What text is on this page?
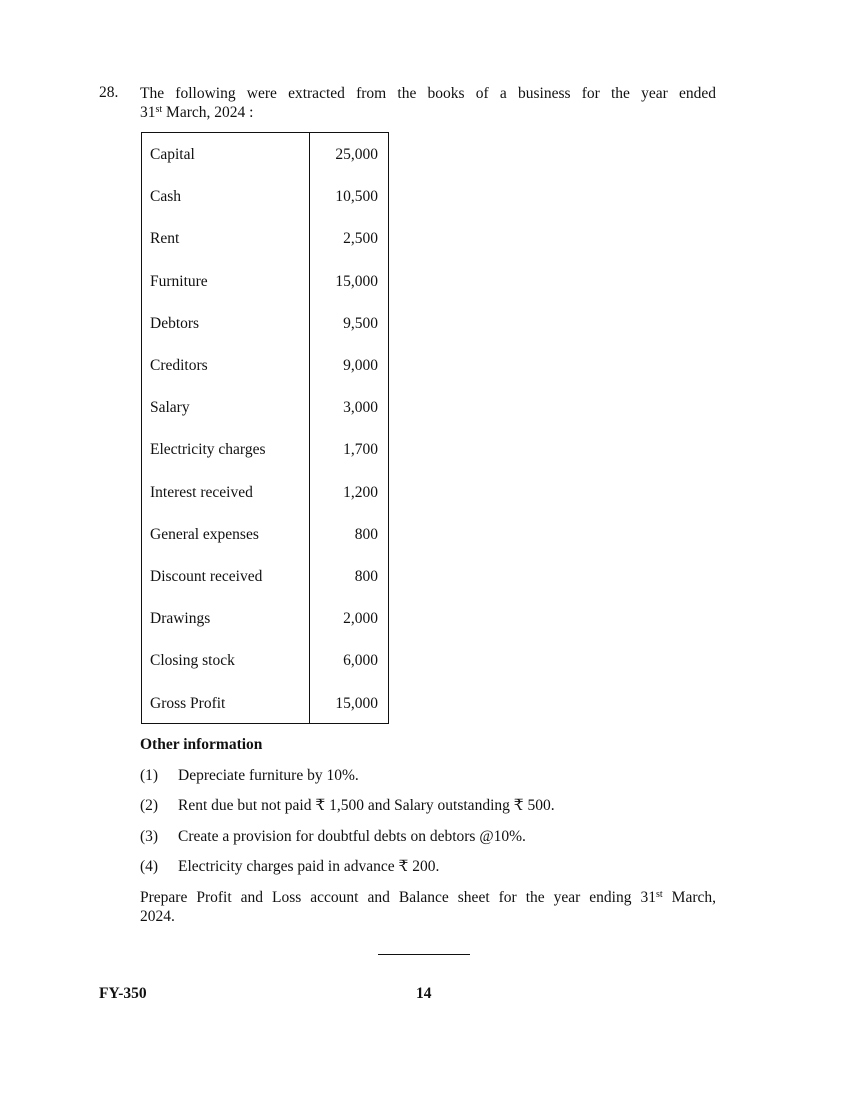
28. The following were extracted from the books of a business for the year ended
31st March, 2024 :
Capital	25,000
Cash	10,500
Rent	2,500
Furniture	15,000
Debtors	9,500
Creditors	9,000
Salary	3,000
Electricity charges	1,700
Interest received	1,200
General expenses	800
Discount received	800
Drawings	2,000
Closing stock	6,000
Gross Profit	15,000
Other information
(1) Depreciate furniture by 10%.
(2) Rent due but not paid ₹ 1,500 and Salary outstanding ₹ 500.
(3) Create a provision for doubtful debts on debtors @10%.
(4) Electricity charges paid in advance ₹ 200.
Prepare Profit and Loss account and Balance sheet for the year ending 31st March,
2024.
FY-350	14
